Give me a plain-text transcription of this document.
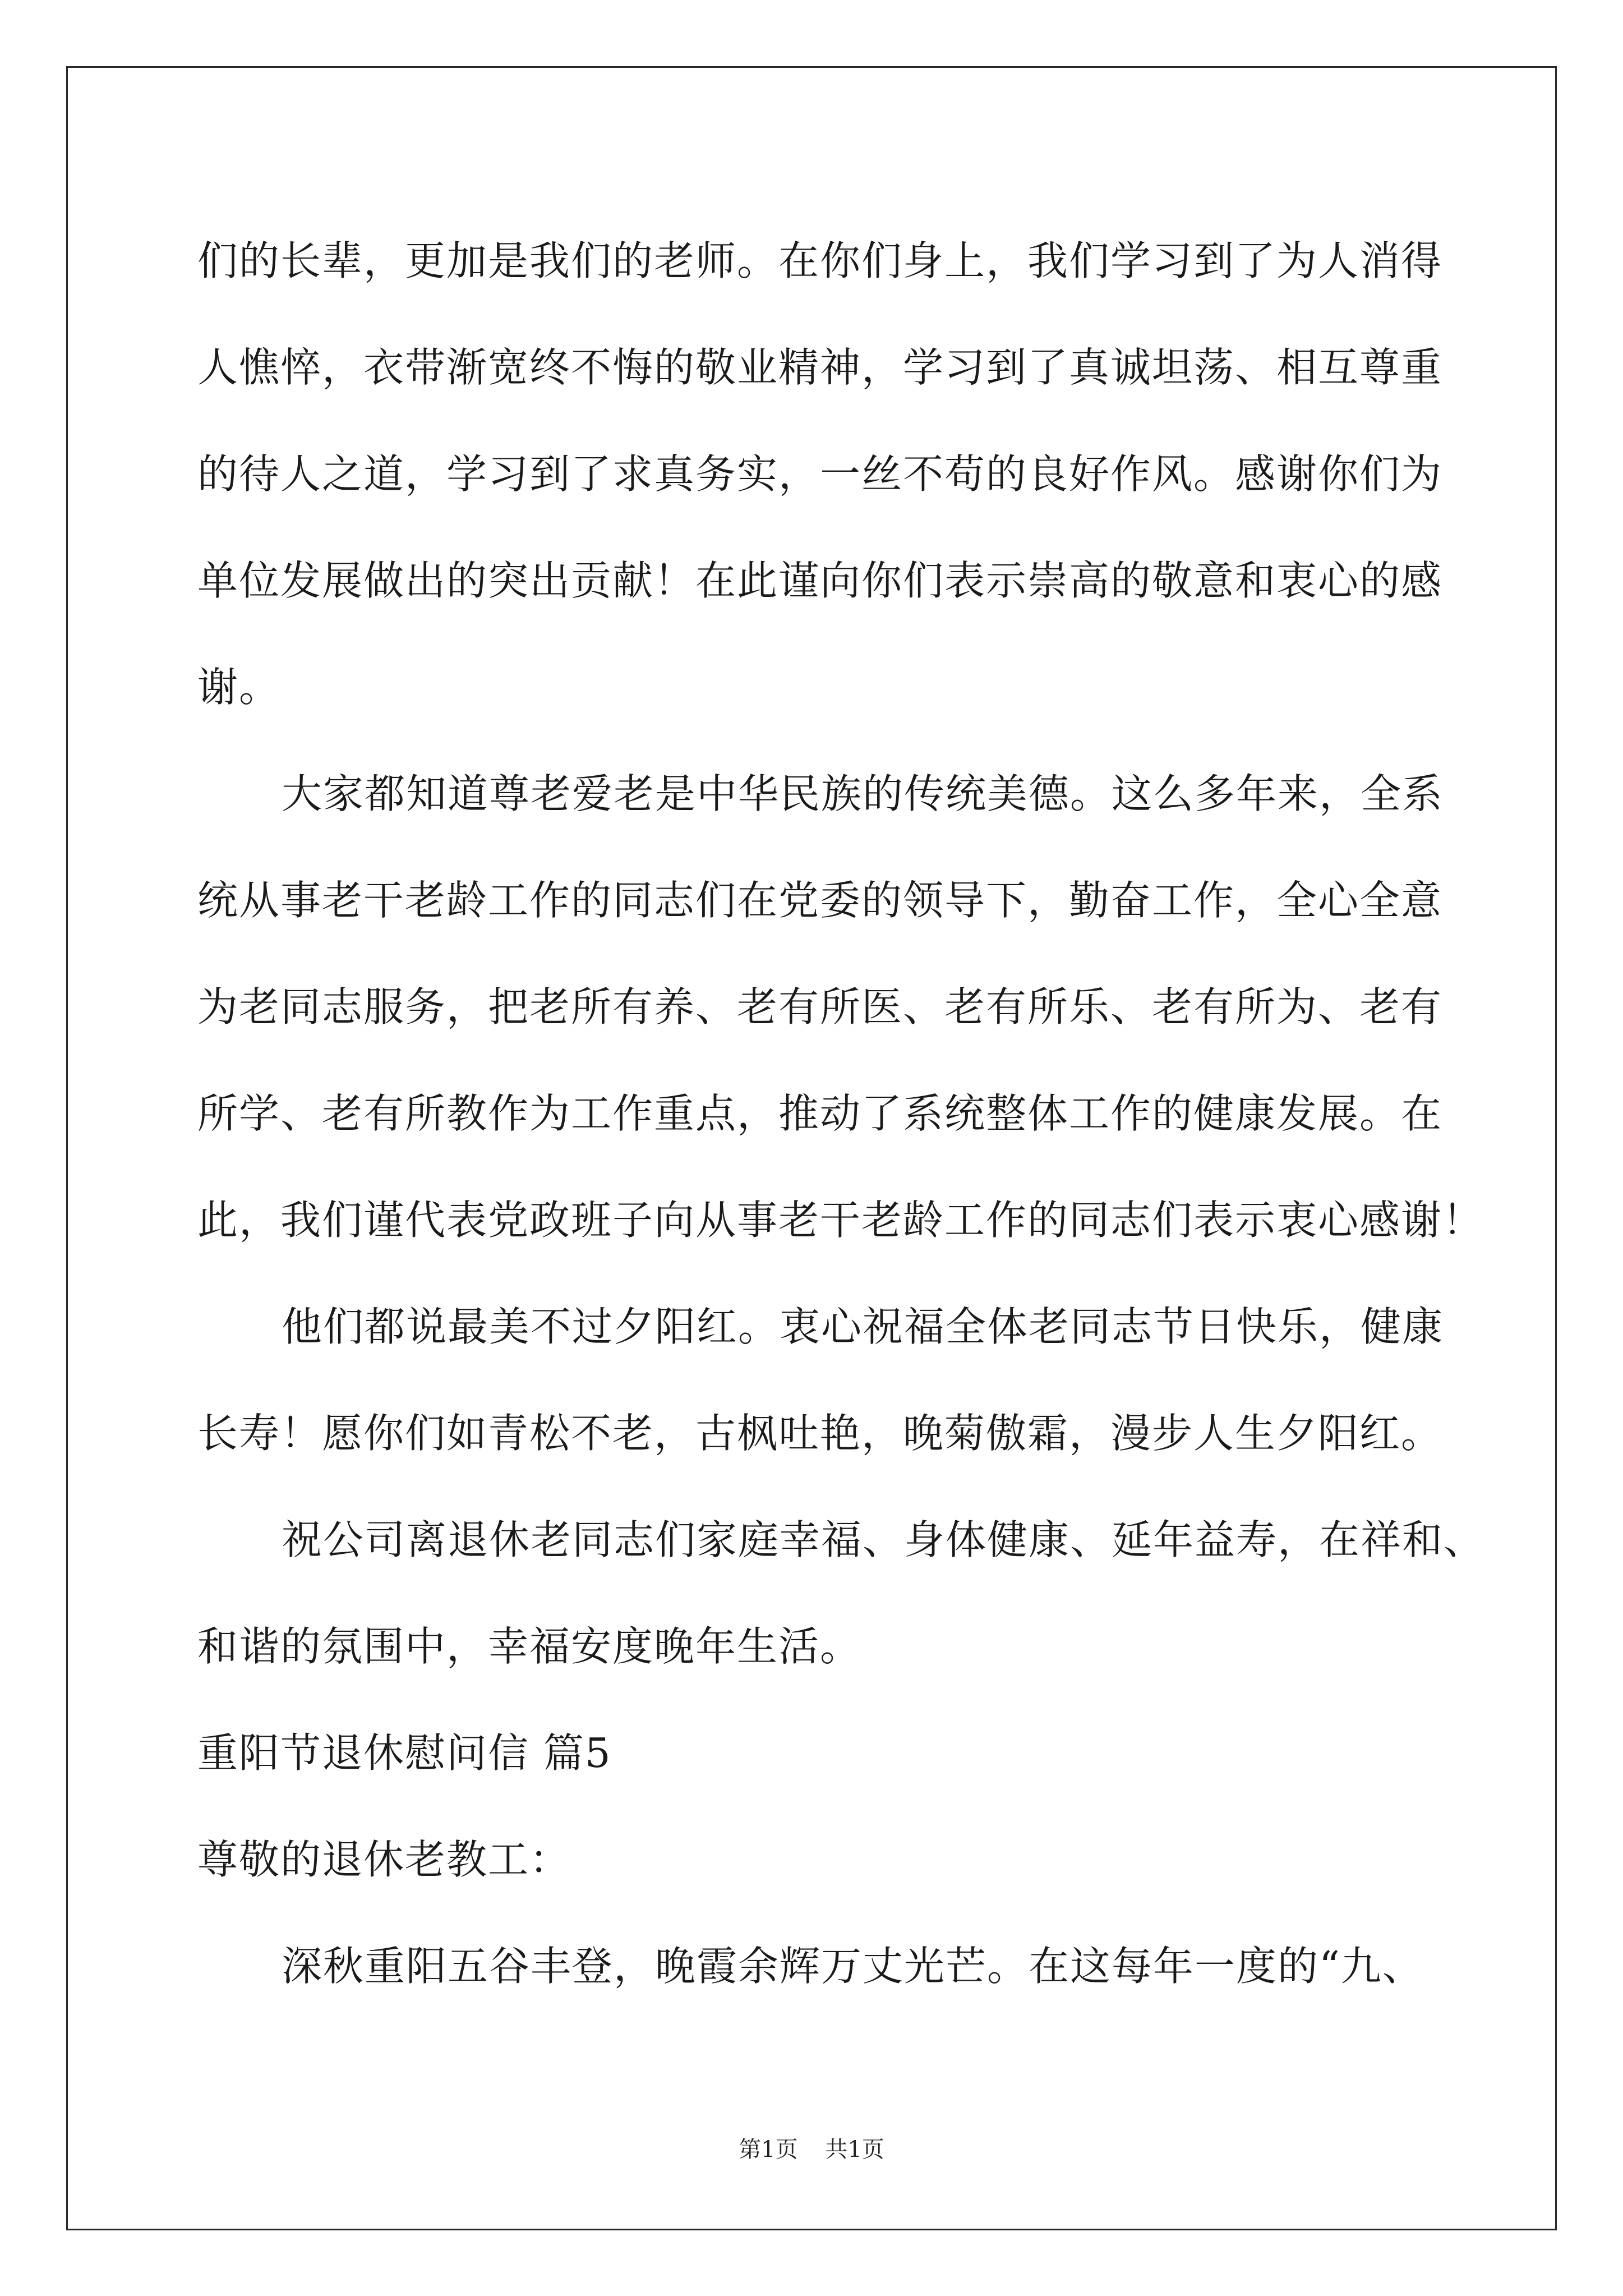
们的长辈，更加是我们的老师。在你们身上，我们学习到了为人消得
人憔悴，衣带渐宽终不悔的敬业精神，学习到了真诚坦荡、相互尊重
的待人之道，学习到了求真务实，一丝不苟的良好作风。感谢你们为
单位发展做出的突出贡献！在此谨向你们表示崇高的敬意和衷心的感
谢。
大家都知道尊老爱老是中华民族的传统美德。这么多年来，全系
统从事老干老龄工作的同志们在党委的领导下，勤奋工作，全心全意
为老同志服务，把老所有养、老有所医、老有所乐、老有所为、老有
所学、老有所教作为工作重点，推动了系统整体工作的健康发展。在
此，我们谨代表党政班子向从事老干老龄工作的同志们表示衷心感谢！
他们都说最美不过夕阳红。衷心祝福全体老同志节日快乐，健康
长寿！愿你们如青松不老，古枫吐艳，晚菊傲霜，漫步人生夕阳红。
祝公司离退休老同志们家庭幸福、身体健康、延年益寿，在祥和、
和谐的氛围中，幸福安度晚年生活。
重阳节退休慰问信 篇5
尊敬的退休老教工：
深秋重阳五谷丰登，晚霞余辉万丈光芒。在这每年一度的“九、
第1页 共1页
